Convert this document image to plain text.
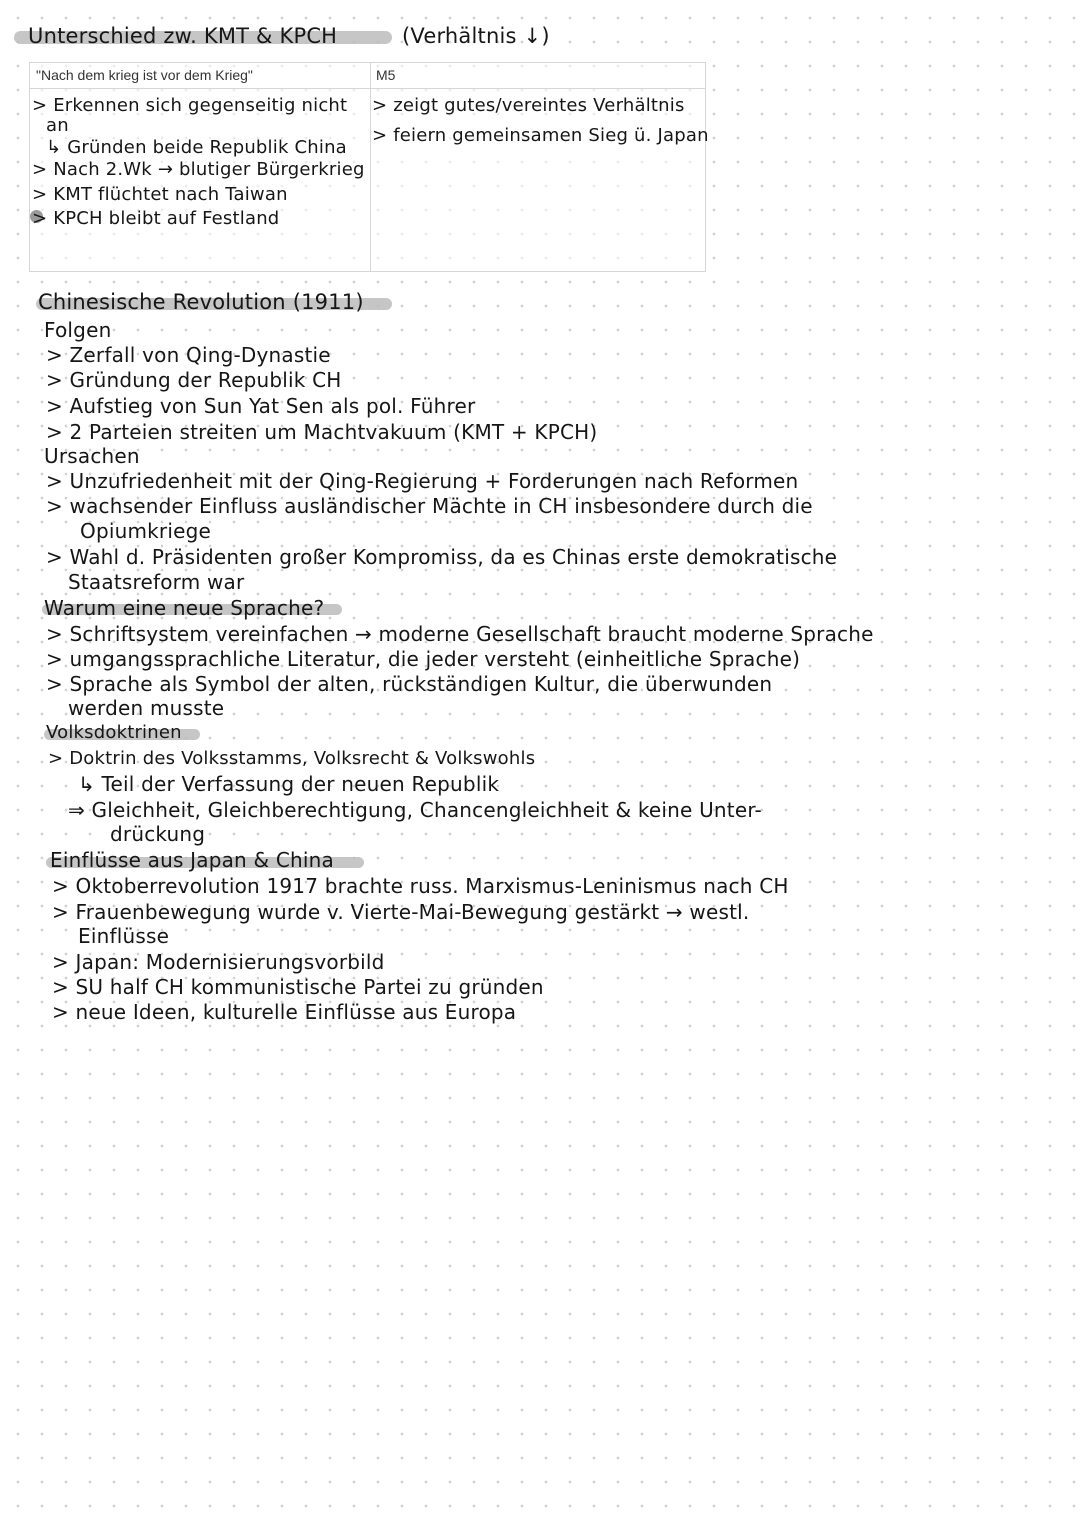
Unterschied zw. KMT & KPCH	(Verhältnis ↓)
"Nach dem krieg ist vor dem Krieg"	M5
> Erkennen sich gegenseitig nicht
an
↳ Gründen beide Republik China
> Nach 2.Wk → blutiger Bürgerkrieg
> KMT flüchtet nach Taiwan
> KPCH bleibt auf Festland
> zeigt gutes/vereintes Verhältnis
> feiern gemeinsamen Sieg ü. Japan
Chinesische Revolution (1911)
Folgen
> Zerfall von Qing-Dynastie
> Gründung der Republik CH
> Aufstieg von Sun Yat Sen als pol. Führer
> 2 Parteien streiten um Machtvakuum (KMT + KPCH)
Ursachen
> Unzufriedenheit mit der Qing-Regierung + Forderungen nach Reformen
> wachsender Einfluss ausländischer Mächte in CH insbesondere durch die
Opiumkriege
> Wahl d. Präsidenten großer Kompromiss, da es Chinas erste demokratische
Staatsreform war
Warum eine neue Sprache?
> Schriftsystem vereinfachen → moderne Gesellschaft braucht moderne Sprache
> umgangssprachliche Literatur, die jeder versteht (einheitliche Sprache)
> Sprache als Symbol der alten, rückständigen Kultur, die überwunden
werden musste
Volksdoktrinen
> Doktrin des Volksstamms, Volksrecht & Volkswohls
↳ Teil der Verfassung der neuen Republik
⇒ Gleichheit, Gleichberechtigung, Chancengleichheit & keine Unter-
drückung
Einflüsse aus Japan & China
> Oktoberrevolution 1917 brachte russ. Marxismus-Leninismus nach CH
> Frauenbewegung wurde v. Vierte-Mai-Bewegung gestärkt → westl.
Einflüsse
> Japan: Modernisierungsvorbild
> SU half CH kommunistische Partei zu gründen
> neue Ideen, kulturelle Einflüsse aus Europa
